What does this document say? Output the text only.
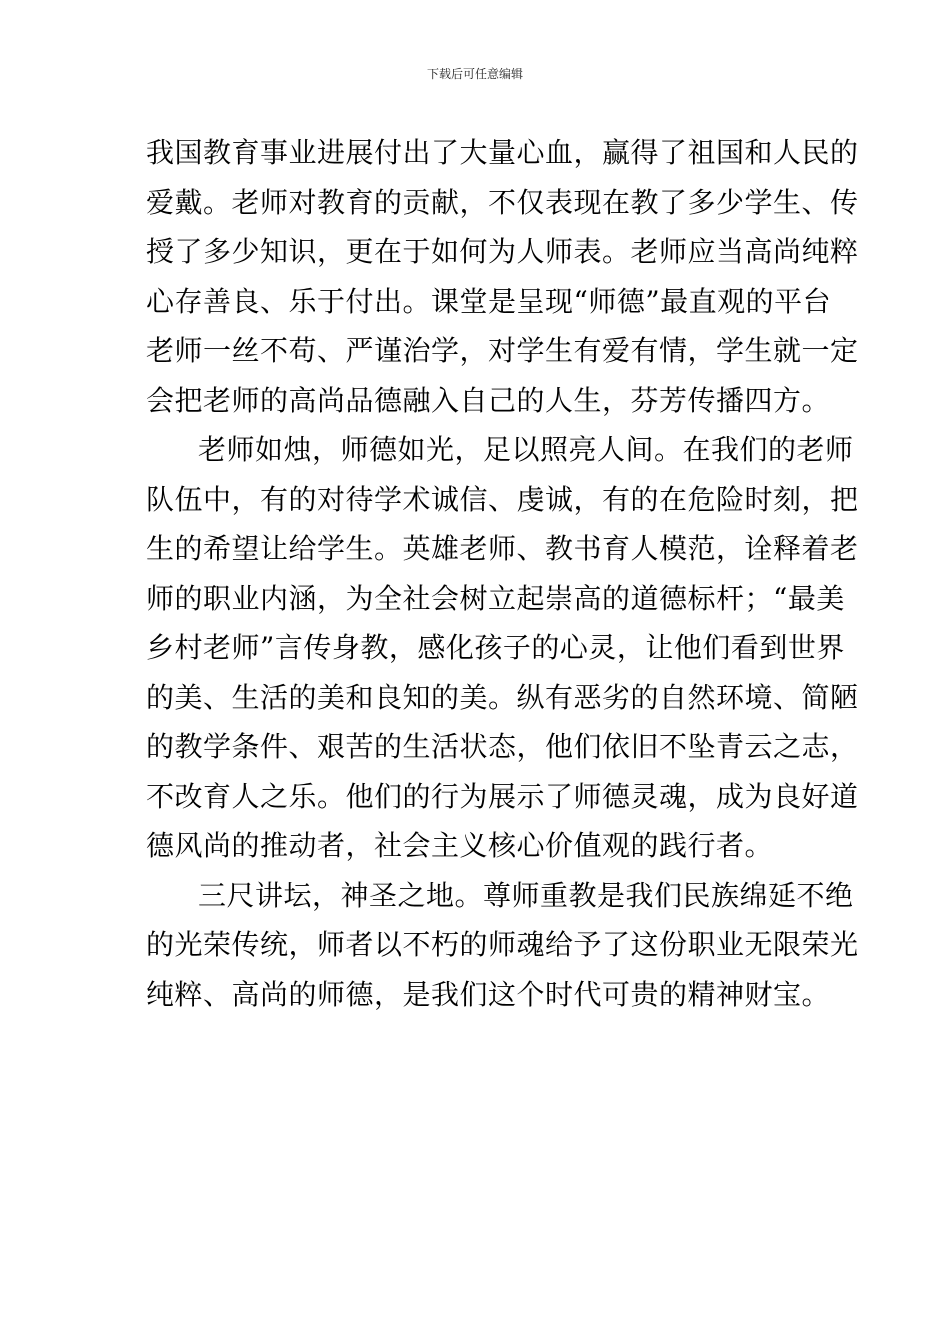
下载后可任意编辑
我国教育事业进展付出了大量心血，赢得了祖国和人民的
爱戴。老师对教育的贡献，不仅表现在教了多少学生、传
授了多少知识，更在于如何为人师表。老师应当高尚纯粹
心存善良、乐于付出。课堂是呈现“师德”最直观的平台
老师一丝不苟、严谨治学，对学生有爱有情，学生就一定
会把老师的高尚品德融入自己的人生，芬芳传播四方。
老师如烛，师德如光，足以照亮人间。在我们的老师
队伍中，有的对待学术诚信、虔诚，有的在危险时刻，把
生的希望让给学生。英雄老师、教书育人模范，诠释着老
师的职业内涵，为全社会树立起崇高的道德标杆；“最美
乡村老师”言传身教，感化孩子的心灵，让他们看到世界
的美、生活的美和良知的美。纵有恶劣的自然环境、简陋
的教学条件、艰苦的生活状态，他们依旧不坠青云之志，
不改育人之乐。他们的行为展示了师德灵魂，成为良好道
德风尚的推动者，社会主义核心价值观的践行者。
三尺讲坛，神圣之地。尊师重教是我们民族绵延不绝
的光荣传统，师者以不朽的师魂给予了这份职业无限荣光
纯粹、高尚的师德，是我们这个时代可贵的精神财宝。
